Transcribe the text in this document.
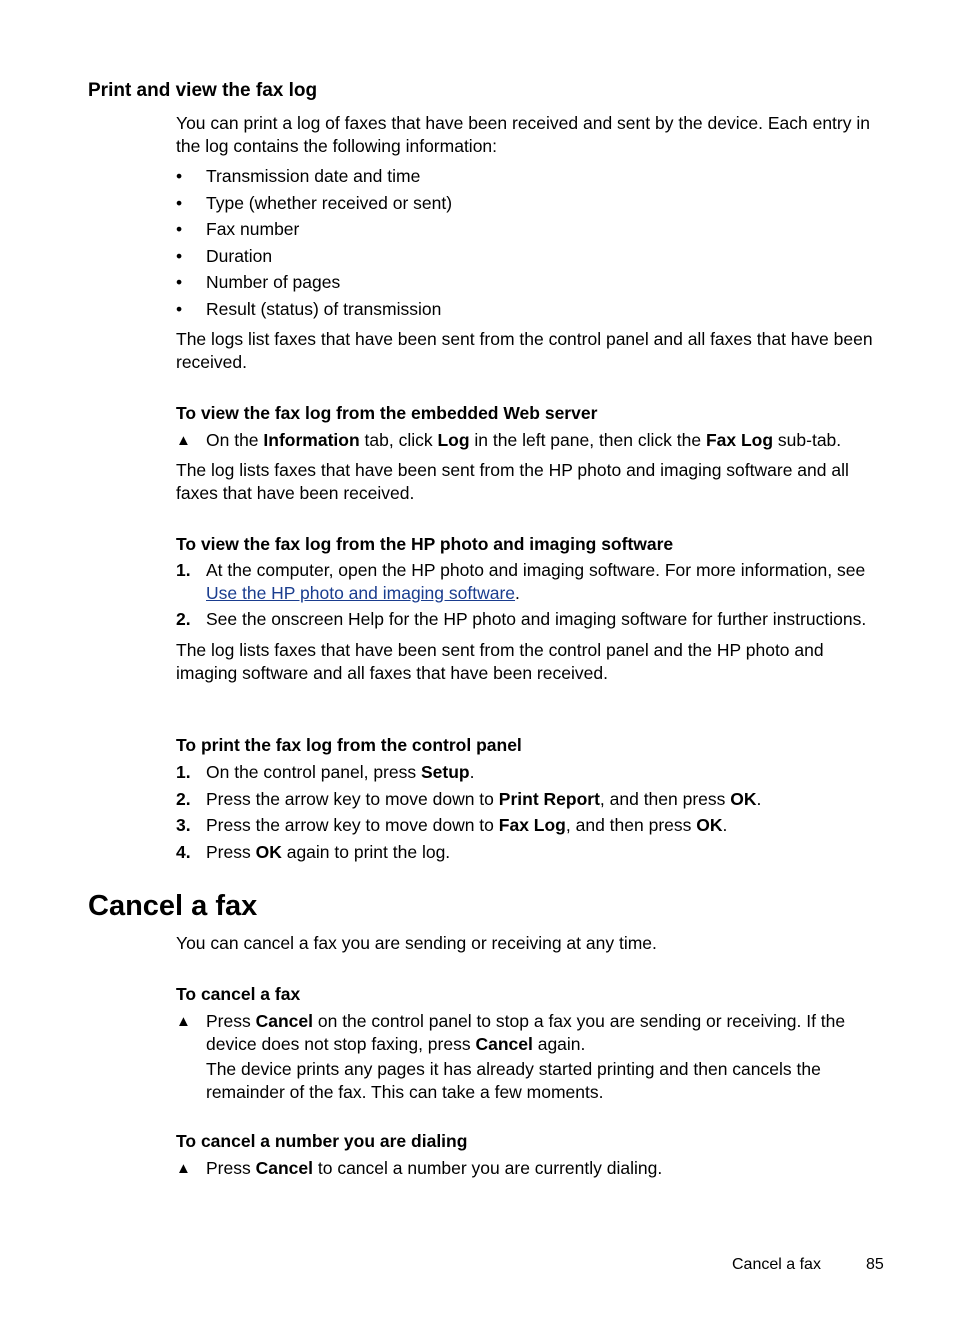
Print and view the fax log

You can print a log of faxes that have been received and sent by the device. Each entry in the log contains the following information:

• Transmission date and time
• Type (whether received or sent)
• Fax number
• Duration
• Number of pages
• Result (status) of transmission

The logs list faxes that have been sent from the control panel and all faxes that have been received.

To view the fax log from the embedded Web server

▲ On the Information tab, click Log in the left pane, then click the Fax Log sub-tab.

The log lists faxes that have been sent from the HP photo and imaging software and all faxes that have been received.

To view the fax log from the HP photo and imaging software

1. At the computer, open the HP photo and imaging software. For more information, see Use the HP photo and imaging software.
2. See the onscreen Help for the HP photo and imaging software for further instructions.

The log lists faxes that have been sent from the control panel and the HP photo and imaging software and all faxes that have been received.

To print the fax log from the control panel

1. On the control panel, press Setup.
2. Press the arrow key to move down to Print Report, and then press OK.
3. Press the arrow key to move down to Fax Log, and then press OK.
4. Press OK again to print the log.
Cancel a fax

You can cancel a fax you are sending or receiving at any time.

To cancel a fax

▲ Press Cancel on the control panel to stop a fax you are sending or receiving. If the device does not stop faxing, press Cancel again.

The device prints any pages it has already started printing and then cancels the remainder of the fax. This can take a few moments.

To cancel a number you are dialing

▲ Press Cancel to cancel a number you are currently dialing.
Cancel a fax	85
